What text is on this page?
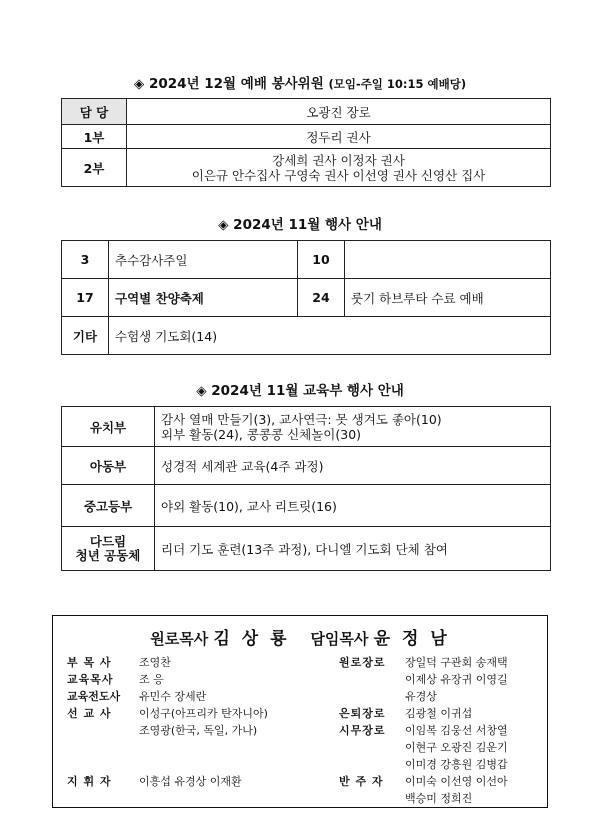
◈ 2024년 12월 예배 봉사위원 (모임-주일 10:15 예배당)
담 당	오광진 장로
1부	정두리 권사
2부	강세희 권사 이정자 권사
이은규 안수집사 구영숙 권사 이선영 권사 신영산 집사
◈ 2024년 11월 행사 안내
3	추수감사주일	10	
17	구역별 찬양축제	24	룻기 하브루타 수료 예배
기타	수험생 기도회(14)		
◈ 2024년 11월 교육부 행사 안내
유치부	감사 열매 만들기(3), 교사연극: 못 생겨도 좋아(10)
외부 활동(24), 콩콩콩 신체놀이(30)

아동부	성경적 세계관 교육(4주 과정)
중고등부	야외 활동(10), 교사 리트릿(16)

다드림
청년 공동체	리더 기도 훈련(13주 과정), 다니엘 기도회 단체 참여
원로목사 김 상 룡 담임목사 윤 정 남
부 목 사 조영찬
교육목사 조 응
교육전도사 유민수 장세란
선 교 사 이성구(아프리카 탄자니아)
조영광(한국, 독일, 가나)
지 휘 자 이흥섭 유경상 이재환
원로장로 장일덕 구관회 송재택
이제상 유장귀 이영길
유경상
은퇴장로 김광철 이귀섭
시무장로 이임복 김웅선 서창열
이현구 오광진 김운기
이미경 강흥원 김병갑
반 주 자 이미숙 이선영 이선아
백승미 정희진
